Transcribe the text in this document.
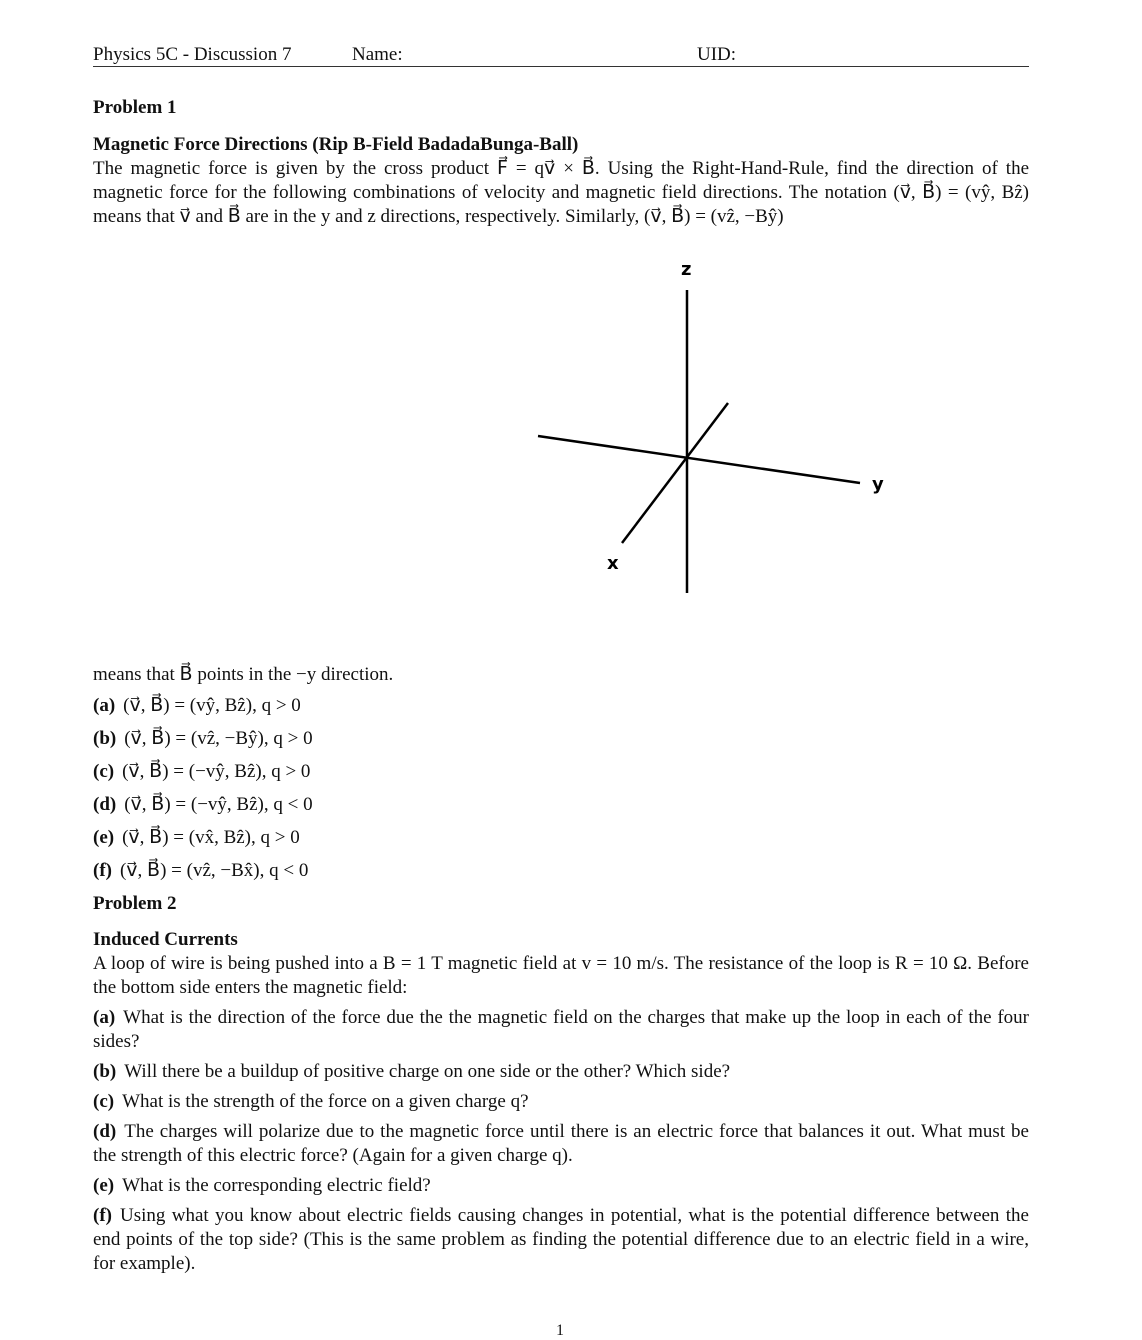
Physics 5C - Discussion 7	Name:	UID:

Problem 1

Magnetic Force Directions (Rip B-Field BadadaBunga-Ball)

The magnetic force is given by the cross product F⃗ = qv⃗ × B⃗. Using the Right-Hand-Rule, find the direction of the magnetic force for the following combinations of velocity and magnetic field directions. The notation (v⃗, B⃗) = (vŷ, Bẑ) means that v⃗ and B⃗ are in the y and z directions, respectively. Similarly, (v⃗, B⃗) = (vẑ, −Bŷ)

means that B⃗ points in the −y direction.

(a) (v⃗, B⃗) = (vŷ, Bẑ), q > 0

(b) (v⃗, B⃗) = (vẑ, −Bŷ), q > 0

(c) (v⃗, B⃗) = (−vŷ, Bẑ), q > 0

(d) (v⃗, B⃗) = (−vŷ, Bẑ), q < 0

(e) (v⃗, B⃗) = (vx̂, Bẑ), q > 0

(f) (v⃗, B⃗) = (vẑ, −Bx̂), q < 0

Problem 2

Induced Currents

A loop of wire is being pushed into a B = 1 T magnetic field at v = 10 m/s. The resistance of the loop is R = 10 Ω. Before the bottom side enters the magnetic field:

(a) What is the direction of the force due the the magnetic field on the charges that make up the loop in each of the four sides?

(b) Will there be a buildup of positive charge on one side or the other? Which side?

(c) What is the strength of the force on a given charge q?

(d) The charges will polarize due to the magnetic force until there is an electric force that balances it out. What must be the strength of this electric force? (Again for a given charge q).

(e) What is the corresponding electric field?

(f) Using what you know about electric fields causing changes in potential, what is the potential difference between the end points of the top side? (This is the same problem as finding the potential difference due to an electric field in a wire, for example).

z
y
x
1
